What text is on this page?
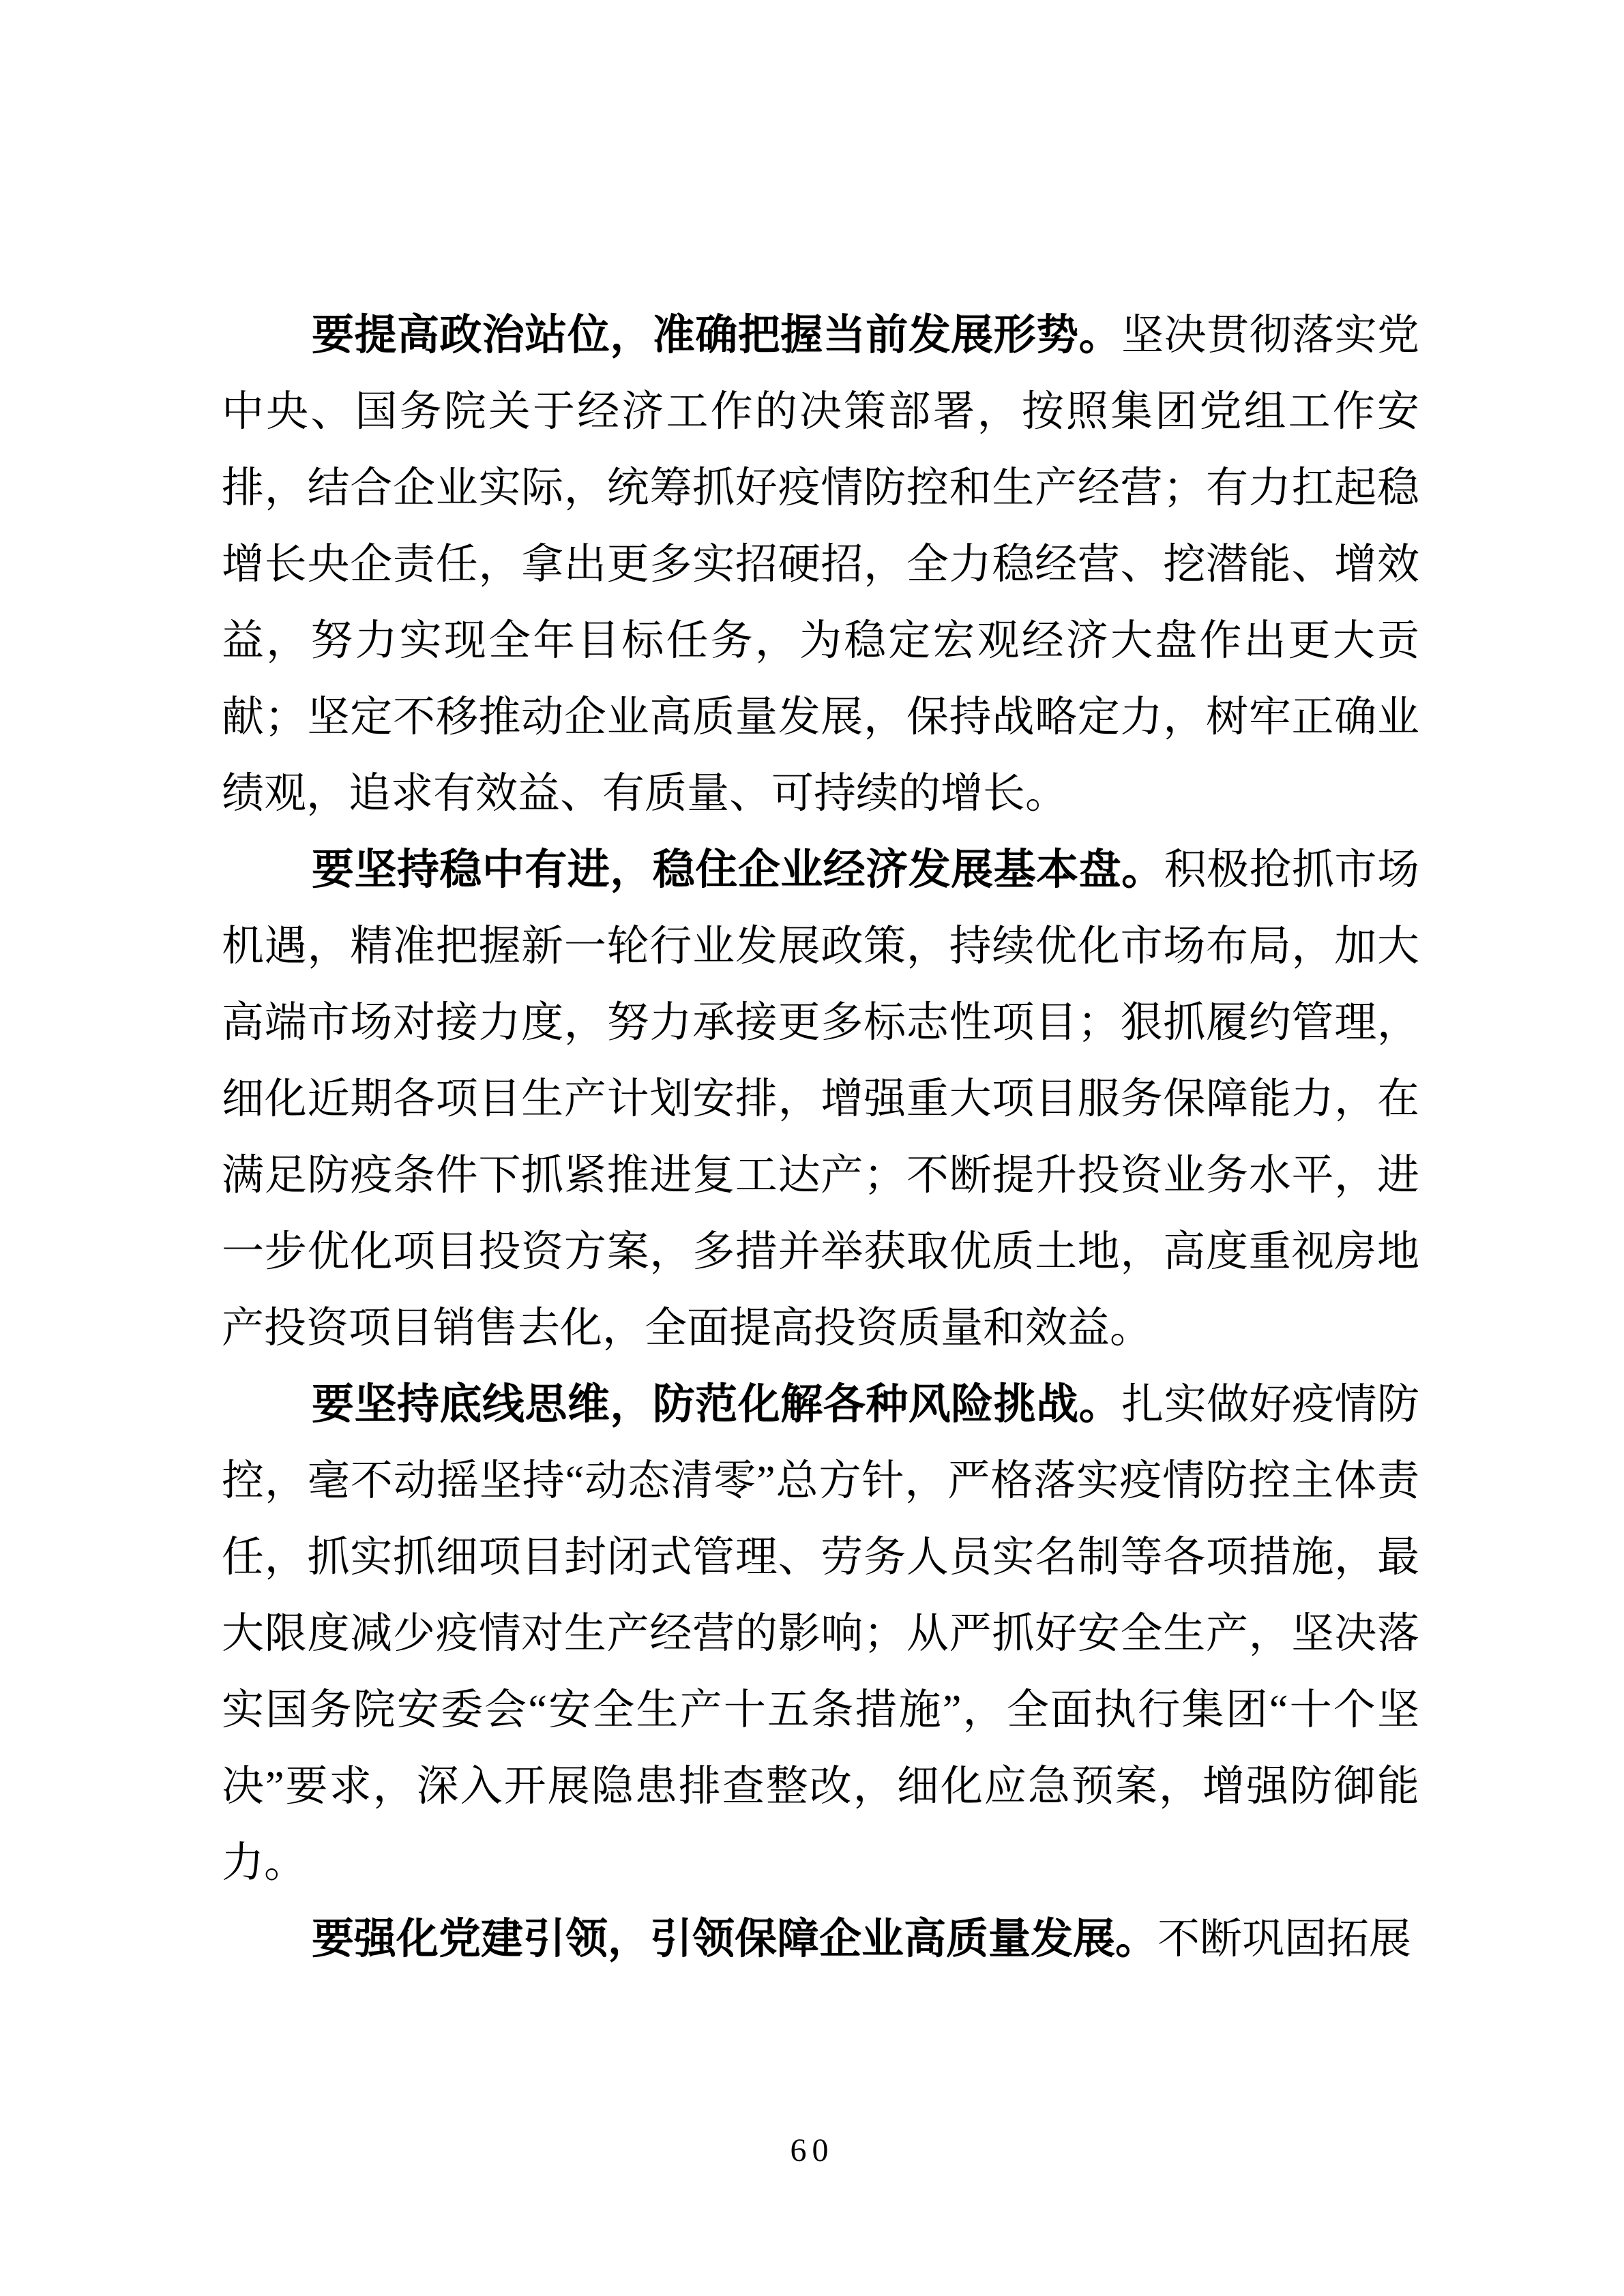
要提高政治站位，准确把握当前发展形势。坚决贯彻落实党中央、国务院关于经济工作的决策部署，按照集团党组工作安排，结合企业实际，统筹抓好疫情防控和生产经营；有力扛起稳增长央企责任，拿出更多实招硬招，全力稳经营、挖潜能、增效益，努力实现全年目标任务，为稳定宏观经济大盘作出更大贡献；坚定不移推动企业高质量发展，保持战略定力，树牢正确业绩观，追求有效益、有质量、可持续的增长。

要坚持稳中有进，稳住企业经济发展基本盘。积极抢抓市场机遇，精准把握新一轮行业发展政策，持续优化市场布局，加大高端市场对接力度，努力承接更多标志性项目；狠抓履约管理，细化近期各项目生产计划安排，增强重大项目服务保障能力，在满足防疫条件下抓紧推进复工达产；不断提升投资业务水平，进一步优化项目投资方案，多措并举获取优质土地，高度重视房地产投资项目销售去化，全面提高投资质量和效益。

要坚持底线思维，防范化解各种风险挑战。扎实做好疫情防控，毫不动摇坚持“动态清零”总方针，严格落实疫情防控主体责任，抓实抓细项目封闭式管理、劳务人员实名制等各项措施，最大限度减少疫情对生产经营的影响；从严抓好安全生产，坚决落实国务院安委会“安全生产十五条措施”，全面执行集团“十个坚决”要求，深入开展隐患排查整改，细化应急预案，增强防御能力。

要强化党建引领，引领保障企业高质量发展。不断巩固拓展

60
